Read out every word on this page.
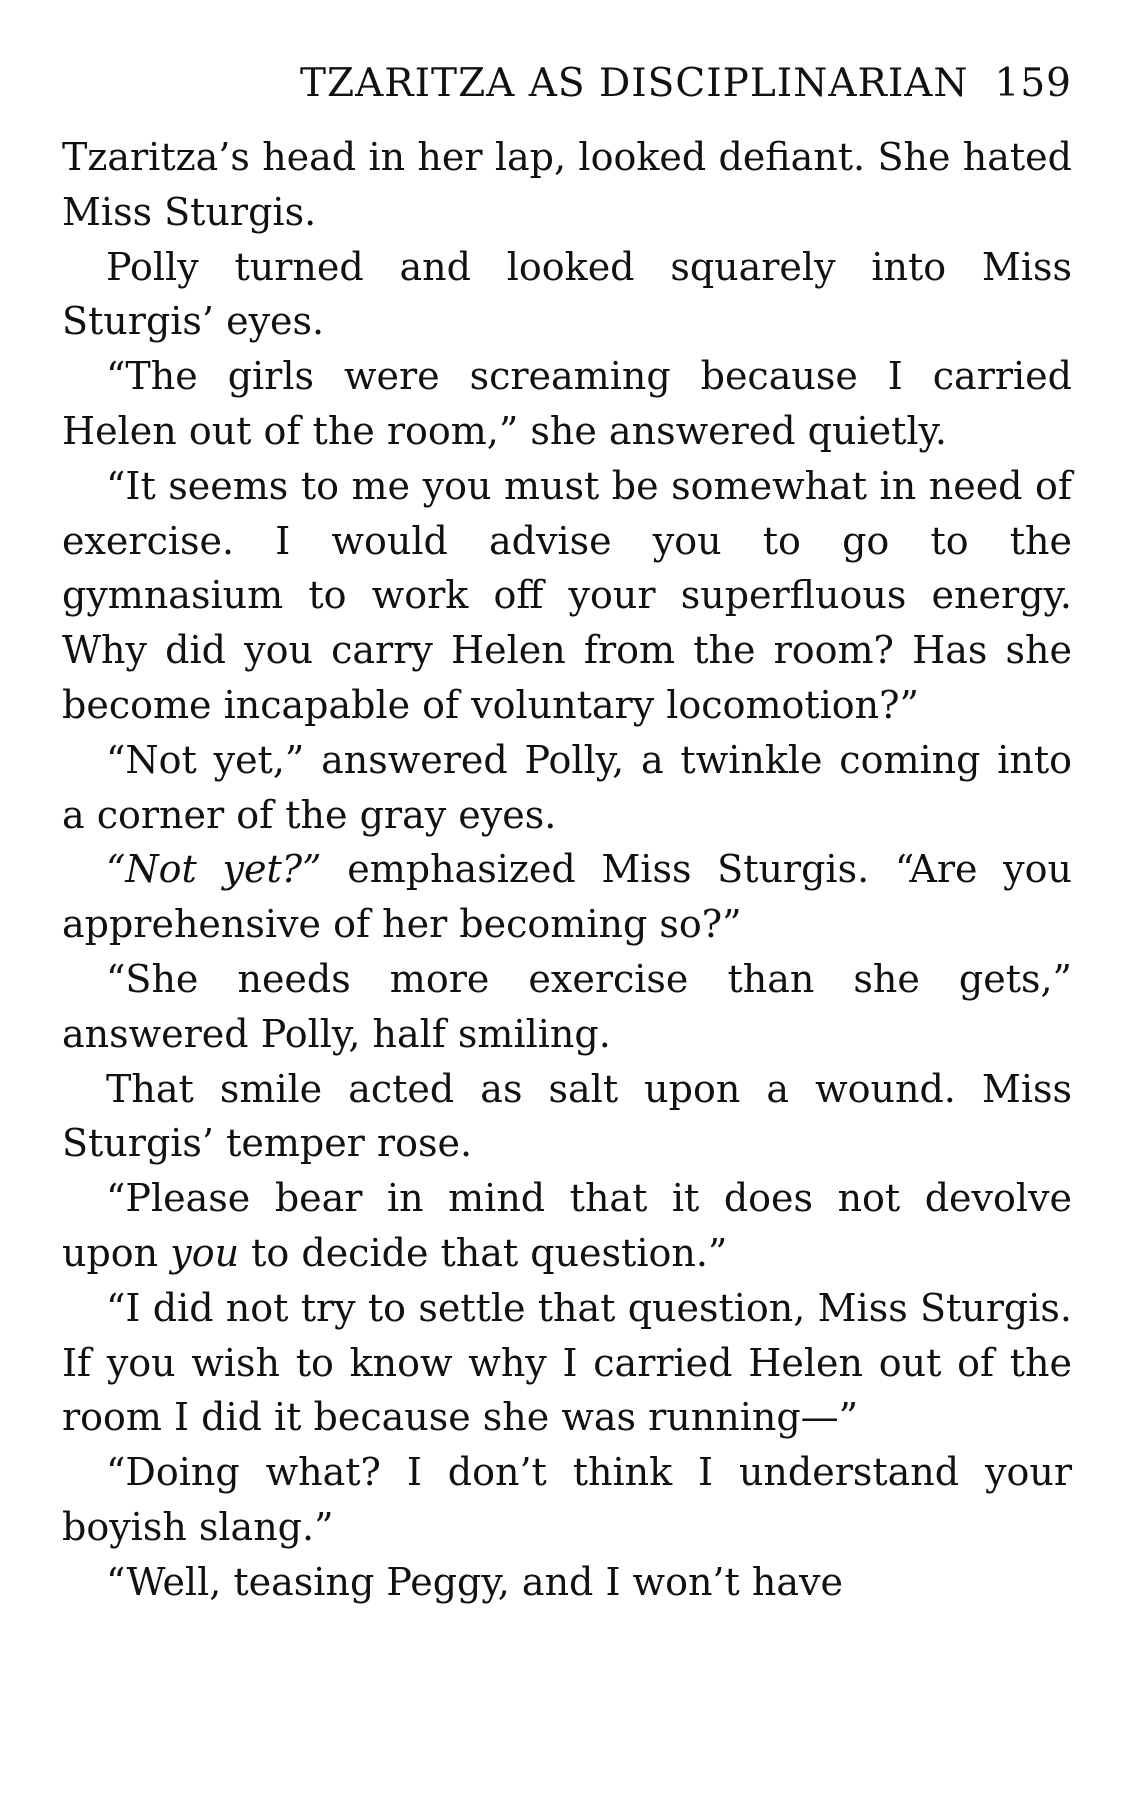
TZARITZA AS DISCIPLINARIAN 159

Tzaritza’s head in her lap, looked defiant. She hated Miss Sturgis.

Polly turned and looked squarely into Miss Sturgis’ eyes.

“The girls were screaming because I carried Helen out of the room,” she answered quietly.

“It seems to me you must be somewhat in need of exercise. I would advise you to go to the gymnasium to work off your superfluous energy. Why did you carry Helen from the room? Has she become incapable of voluntary locomotion?”

“Not yet,” answered Polly, a twinkle coming into a corner of the gray eyes.

“Not yet?” emphasized Miss Sturgis. “Are you apprehensive of her becoming so?”

“She needs more exercise than she gets,” answered Polly, half smiling.

That smile acted as salt upon a wound. Miss Sturgis’ temper rose.

“Please bear in mind that it does not devolve upon you to decide that question.”

“I did not try to settle that question, Miss Sturgis. If you wish to know why I carried Helen out of the room I did it because she was running—”

“Doing what? I don’t think I understand your boyish slang.”

“Well, teasing Peggy, and I won’t have
